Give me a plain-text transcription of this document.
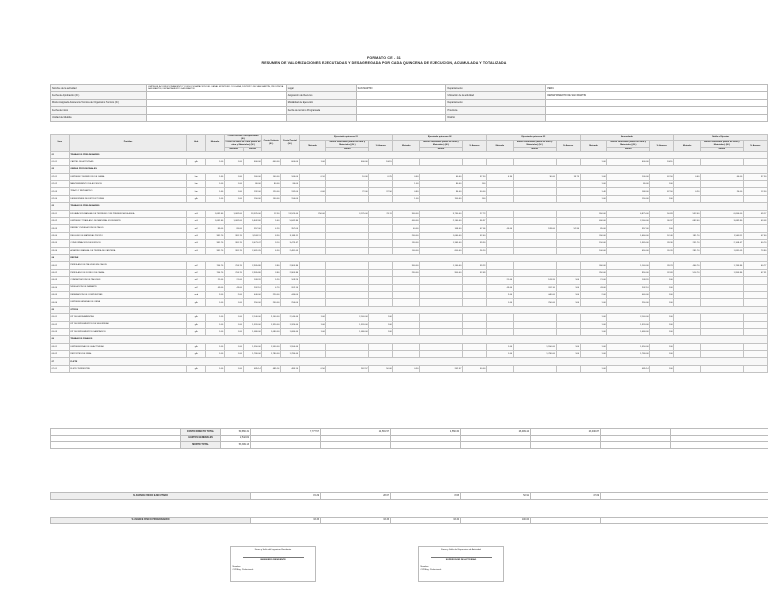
FORMATO CE - 31
RESUMEN DE VALORIZACIONES EJECUTADAS Y DESAGREGADA POR CADA QUINCENA DE EJECUCION, ACUMULADA Y TOTALIZADA
Nombre de la actividad	LIMPIEZA, ACONDICIONAMIENTO Y DESCOLMATACION DEL CANAL MONTERO COLLANA, DISTRITO DE SAN MARTIN, PROVINCIA SAN MARTIN, DEPARTAMENTO SAN MARTIN	Lugar	SAN MARTIN	Departamento	PERU
Fecha de Aprobación (D.)		Asignación de Recurso		Ubicación de la actividad	DEPARTAMENTO DE SAN MARTIN
Monto Asignado Asistencia Técnica de Organismo Técnico (D.)		Modalidad de Ejecución		Departamento	
Fecha de inicio		Fecha de término Programada		Provincia	
Unidad de Medida				Distrito	
Item	Partidas	Und.	Metrado	Costo Directo Presupuestado (S/.)		Costo Unitario (S/.)	Costo Parcial (S/.)	Ejecutado quincena 01			Ejecutado quincena 02			Ejecutado quincena 03			Acumulado			Saldo a Ejecutar		
				Costo de Mano de Obra (Mano de obra y Materiales) (S/.)				Metrado	Monto Valorizado (Mano de obra y Materiales) (S/.)	% Avance	Metrado	Monto Valorizado (Mano de obra y Materiales) (S/.)	% Avance	Metrado	Monto Valorizado (Mano de obra y Materiales) (S/.)	% Avance	Metrado	Monto Valorizado (Mano de obra y Materiales) (S/.)	% Avance	Metrado	Monto Valorizado (Mano de obra y Materiales) (S/.)	% Avance
				Metrado	Parcial				Monto			Monto			Monto			Monto			Monto	
01	TRABAJOS PRELIMINARES																					
01.01	CARTEL DE ACTIVIDAD	glb	1.00	1.00	600.00	600.00	600.00	1.00	600.00	100%							1.00	600.00	100%			
02	OBRAS PROVISIONALES																					
02.01	LIMPIEZA Y DESBROCE DE CANAL	km	1.60	1.60	160.00	100.00	160.00	0.10	10.00	6.25	0.60	60.00	37.50	0.30	30.00	18.75	1.00	100.00	62.50	0.60	60.00	37.50
02.02	MANTENIMIENTO DE ACCESOS	km	1.00	1.00	80.00	80.00	80.00				1.00	80.00	100				1.00	80.00	100			
02.03	TRAZO Y REPLANTEO	km	1.60	1.60	192.00	120.00	192.00	0.60	72.00	37.50	0.80	96.00	50.00				1.40	168.00	87.50	0.20	24.00	12.50
02.04	DESMONTAJE DE ESTRUCTURAS	glb	1.00	1.00	150.00	150.00	150.00				1.00	150.00	100				1.00	150.00	100			
03	TRABAJOS PRELIMINARES																					
03.01	EXCAVACION MANUAL DE TERRENO CON PRESENCIA DE AGUA	m3	1,082.00	1,082.00	13,525.00	12.50	13,525.00	250.00	3,125.00	23.11	300.00	3,750.00	27.73				550.00	6,875.00	50.83	532.00	6,650.00	49.17
03.02	LIMPIEZA Y TRASLADO DE MATERIAL EXCEDENTE	m3	1,082.00	1,082.00	5,842.80	5.40	5,842.80				400.00	2,160.00	36.97				400.00	2,160.00	36.97	682.00	3,682.80	63.03
03.03	REFINE Y NIVELACION DE TALUD	m2	85.00	85.00	357.00	4.20	357.00				40.00	168.00	47.06	45.00	189.00	52.94	85.00	357.00	100			
03.04	RELLENO DE MATERIAL PROPIO	m3	381.70	381.70	3,168.11	8.30	3,168.11				200.00	1,660.00	52.40				200.00	1,660.00	52.40	181.70	1,508.11	47.60
03.05	CONFORMACION DE BORDOS	m3	381.70	381.70	3,473.47	9.10	3,473.47				150.00	1,365.00	39.30				150.00	1,365.00	39.30	231.70	2,108.47	60.70
03.06	ACARREO MANUAL DE TIERRA DE CANTERA	m3	381.70	381.70	2,481.05	6.50	2,481.05				100.00	650.00	26.20				100.00	650.00	26.20	281.70	1,831.05	73.80
04	REFINE																					
04.01	PERFILADO DE TALUDES EN CAUCE	m2	764.70	764.70	2,905.86	3.80	2,905.86				300.00	1,140.00	39.23				300.00	1,140.00	39.23	464.70	1,765.86	60.77
04.02	PERFILADO DE FONDO DE CANAL	m2	764.70	764.70	2,905.86	3.80	2,905.86				250.00	950.00	32.69				250.00	950.00	32.69	514.70	1,955.86	67.31
04.03	COMPACTACION DE TALUDES	m2	21.00	21.00	109.20	5.20	109.20							21.00	109.20	100	21.00	109.20	100			
04.04	NIVELACION DE RASANTE	m2	43.00	43.00	202.10	4.70	202.10							43.00	202.10	100	43.00	202.10	100			
04.05	REPARACION DE COMPUERTAS	und	2.00	2.00	440.00	220.00	440.00							2.00	440.00	100	2.00	440.00	100			
04.06	LIMPIEZA GENERAL DE OBRA	glb	1.00	1.00	250.00	250.00	250.00							1.00	250.00	100	1.00	250.00	100			
05	OTROS																					
05.01	KIT DE HERRAMIENTAS	glb	1.00	1.00	2,140.00	2,140.00	2,140.00	1.00	2,140.00	100							1.00	2,140.00	100			
05.02	KIT DE IMPLEMENTOS DE SEGURIDAD	glb	1.00	1.00	1,320.00	1,320.00	1,320.00	1.00	1,320.00	100							1.00	1,320.00	100			
05.03	KIT DE IMPLEMENTOS SANITARIOS	glb	1.00	1.00	1,080.00	1,080.00	1,080.00	1.00	1,080.00	100							1.00	1,080.00	100			
06	TRABAJOS FINALES																					
06.01	LIMPIEZA FINAL DE LA ACTIVIDAD	glb	1.00	1.00	1,550.00	1,550.00	1,550.00							1.00	1,550.00	100	1.00	1,550.00	100			
06.02	REPORTES DE FINAL	glb	1.00	1.00	1,780.00	1,780.00	1,780.00							1.00	1,780.00	100	1.00	1,780.00	100			
07	FLETE																					
07.01	FLETE TERRESTRE	glb	1.00	1.00	485.14	485.14	485.14	0.50	242.57	50.00	0.50	242.57	50.00				1.00	485.14	100			
	COSTO DIRECTO TOTAL	50,856.31	7,777.57	14,581.57	4,550.30	26,909.44	23,946.87		
	GASTOS GENERALES	2,542.82							
	MONTO TOTAL	53,399.13							
% AVANCE FISICO EJECUTADO	15.29	28.67	8.95	52.91	47.09	

% AVANCE FISICO PROGRAMADO	33.33	33.33	33.34	100.00		
Firma y Sello del Ingeniero Residente
INGENIERO RESIDENTE
Nombre:
CIP/Reg. Profesional:
Firma y Sello del Supervisor de Actividad
SUPERVISOR DE ACTIVIDAD
Nombre:
CIP/Reg. Profesional:
